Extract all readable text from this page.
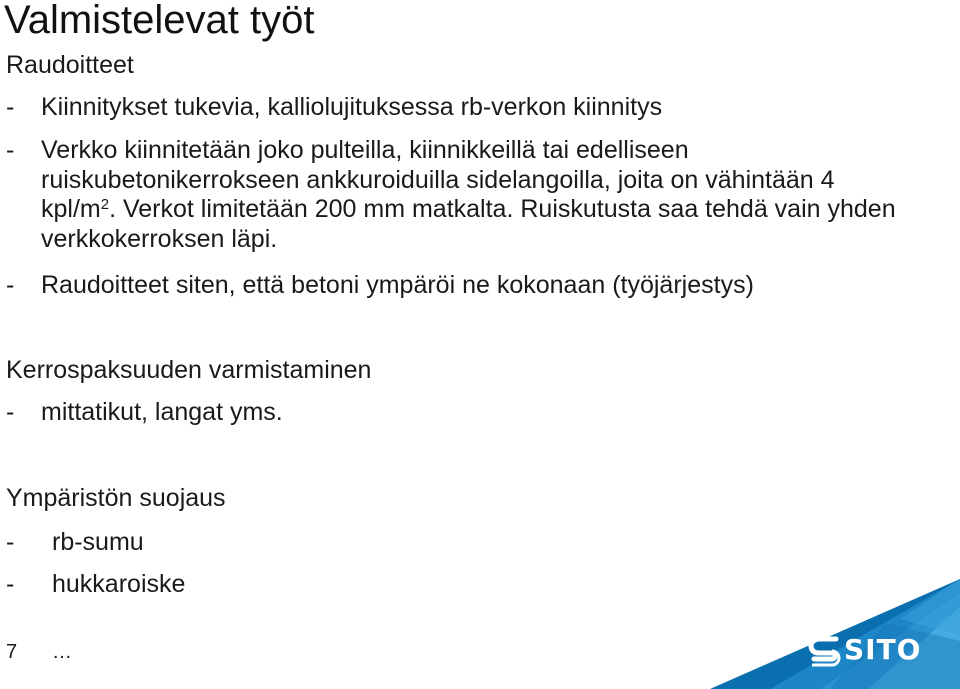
Valmistelevat työt
Raudoitteet
- Kiinnitykset tukevia, kalliolujituksessa rb-verkon kiinnitys
- Verkko kiinnitetään joko pulteilla, kiinnikkeillä tai edelliseen ruiskubetonikerrokseen ankkuroiduilla sidelangoilla, joita on vähintään 4 kpl/$m^2$. Verkot limitetään 200 mm matkalta. Ruiskutusta saa tehdä vain yhden verkkokerroksen läpi.
- Raudoitteet siten, että betoni ympäröi ne kokonaan (työjärjestys)
Kerrospaksuuden varmistaminen
- mittatikut, langat yms.
Ympäristön suojaus
- rb-sumu
- hukkaroiske
7 …	SITO
